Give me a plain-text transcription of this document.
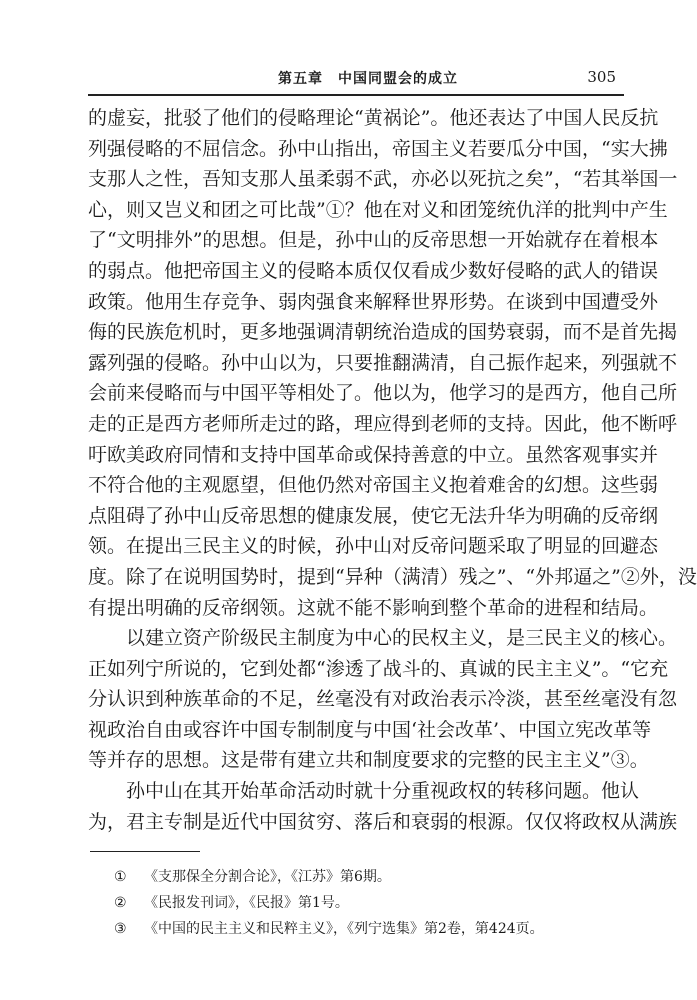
第五章　中国同盟会的成立	305
的虚妄，批驳了他们的侵略理论“黄祸论”。他还表达了中国人民反抗
列强侵略的不屈信念。孙中山指出，帝国主义若要瓜分中国，“实大拂
支那人之性，吾知支那人虽柔弱不武，亦必以死抗之矣”，“若其举国一
心，则又岂义和团之可比哉”①？他在对义和团笼统仇洋的批判中产生
了“文明排外”的思想。但是，孙中山的反帝思想一开始就存在着根本
的弱点。他把帝国主义的侵略本质仅仅看成少数好侵略的武人的错误
政策。他用生存竞争、弱肉强食来解释世界形势。在谈到中国遭受外
侮的民族危机时，更多地强调清朝统治造成的国势衰弱，而不是首先揭
露列强的侵略。孙中山以为，只要推翻满清，自己振作起来，列强就不
会前来侵略而与中国平等相处了。他以为，他学习的是西方，他自己所
走的正是西方老师所走过的路，理应得到老师的支持。因此，他不断呼
吁欧美政府同情和支持中国革命或保持善意的中立。虽然客观事实并
不符合他的主观愿望，但他仍然对帝国主义抱着难舍的幻想。这些弱
点阻碍了孙中山反帝思想的健康发展，使它无法升华为明确的反帝纲
领。在提出三民主义的时候，孙中山对反帝问题采取了明显的回避态
度。除了在说明国势时，提到“异种（满清）残之”、“外邦逼之”②外，没
有提出明确的反帝纲领。这就不能不影响到整个革命的进程和结局。
以建立资产阶级民主制度为中心的民权主义，是三民主义的核心。
正如列宁所说的，它到处都“渗透了战斗的、真诚的民主主义”。“它充
分认识到种族革命的不足，丝毫没有对政治表示冷淡，甚至丝毫没有忽
视政治自由或容许中国专制制度与中国‘社会改革’、中国立宪改革等
等并存的思想。这是带有建立共和制度要求的完整的民主主义”③。
孙中山在其开始革命活动时就十分重视政权的转移问题。他认
为，君主专制是近代中国贫穷、落后和衰弱的根源。仅仅将政权从满族
① 《支那保全分割合论》，《江苏》第6期。
② 《民报发刊词》，《民报》第1号。
③ 《中国的民主主义和民粹主义》，《列宁选集》第2卷，第424页。
